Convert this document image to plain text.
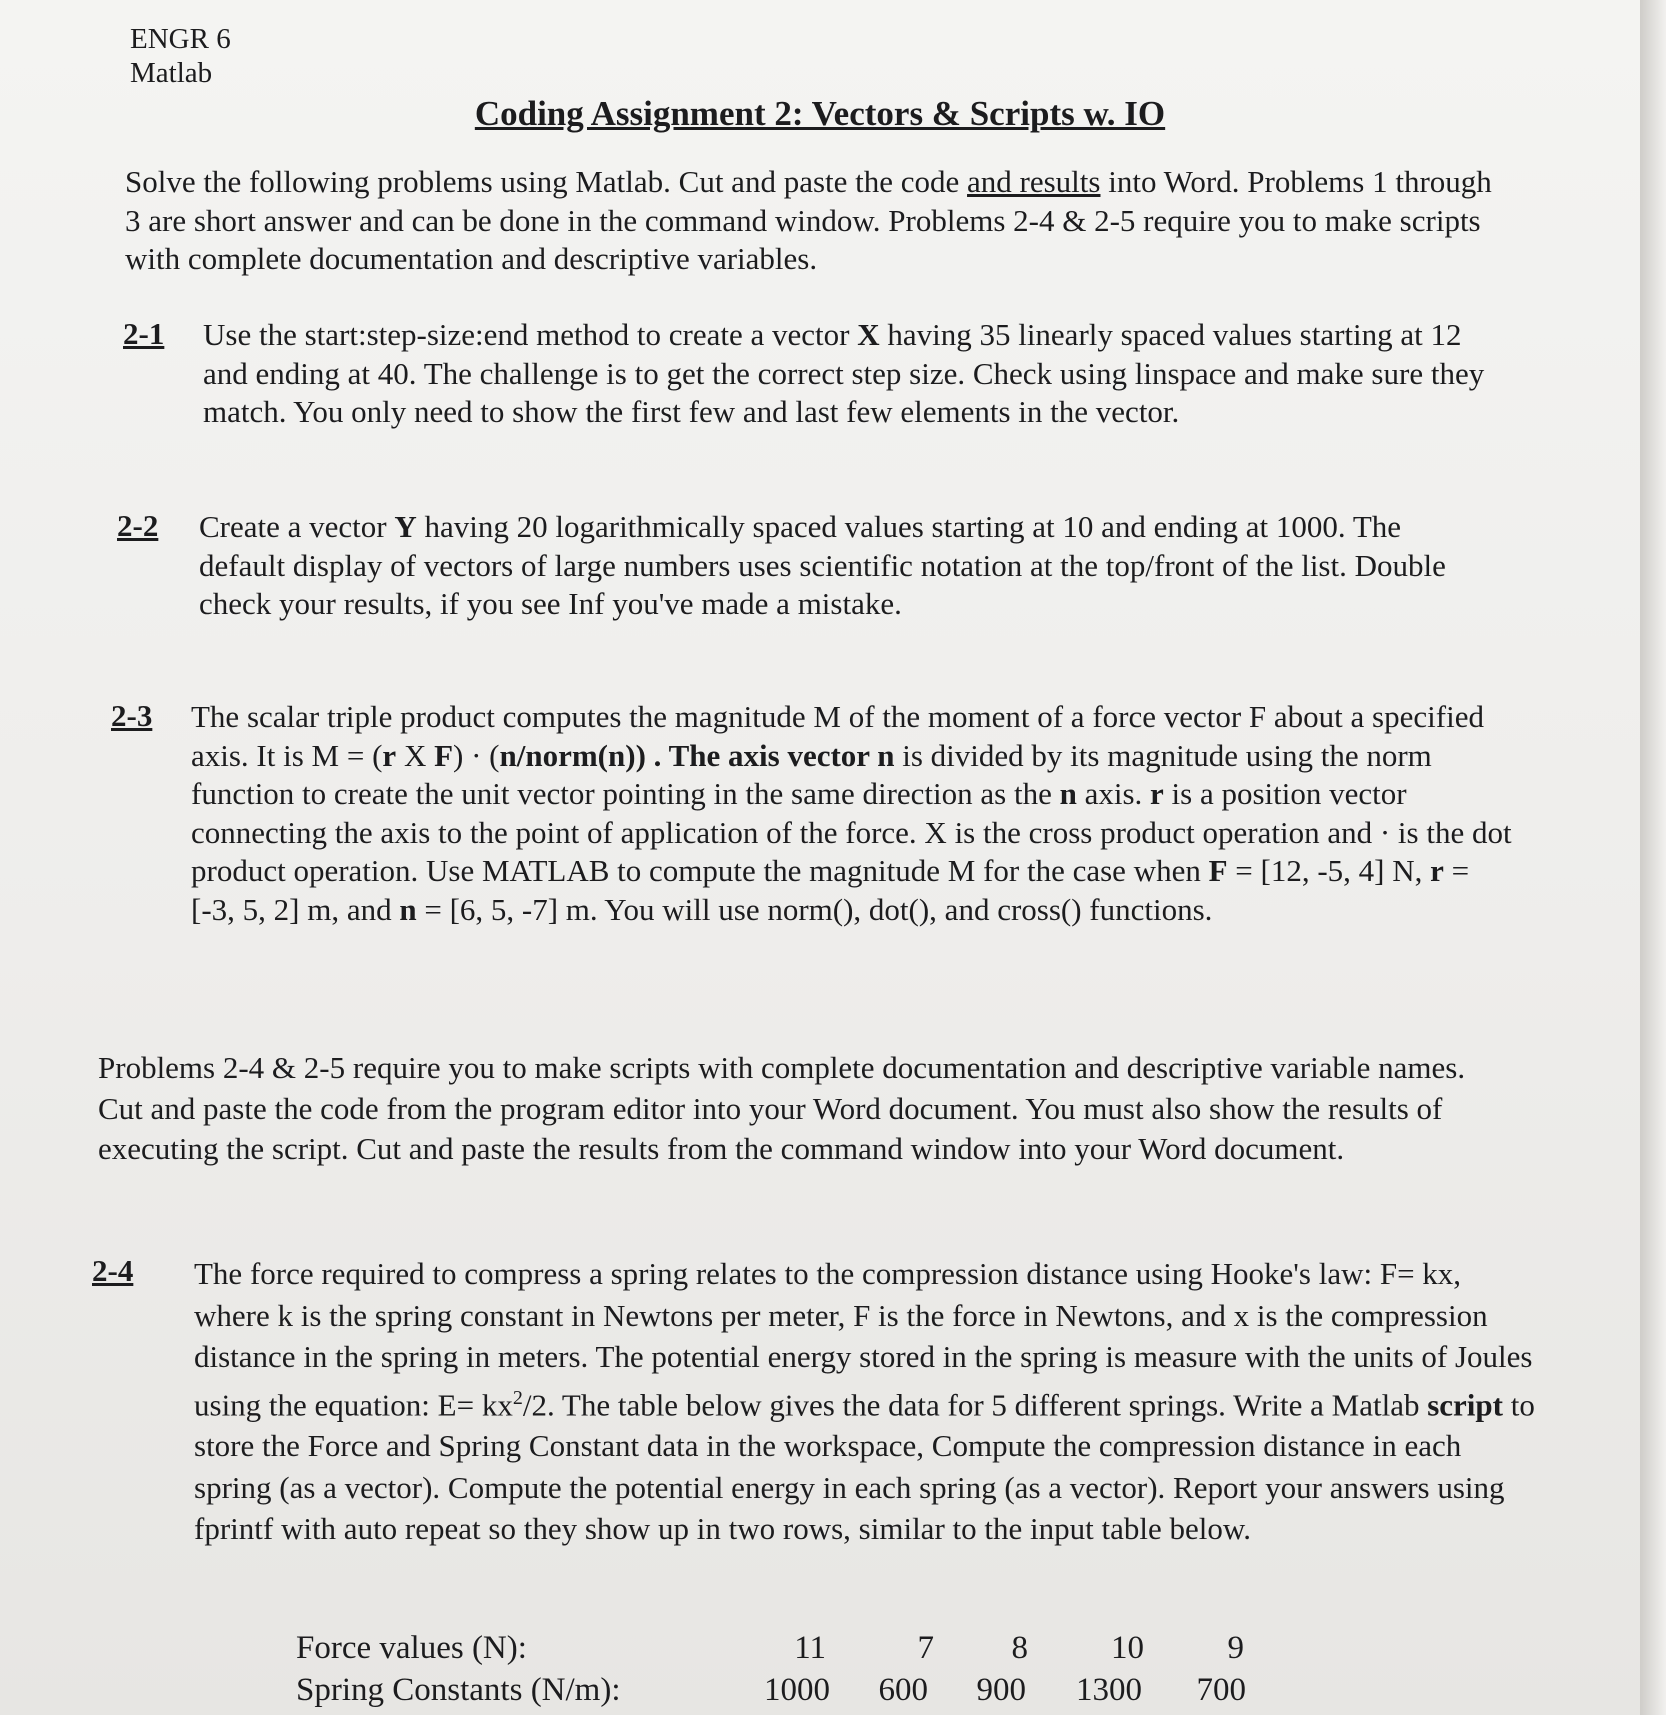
ENGR 6
Matlab
Coding Assignment 2: Vectors & Scripts w. IO
Solve the following problems using Matlab. Cut and paste the code and results into Word. Problems 1 through 3 are short answer and can be done in the command window. Problems 2-4 & 2-5 require you to make scripts with complete documentation and descriptive variables.
2-1 Use the start:step-size:end method to create a vector X having 35 linearly spaced values starting at 12 and ending at 40. The challenge is to get the correct step size. Check using linspace and make sure they match. You only need to show the first few and last few elements in the vector.
2-2 Create a vector Y having 20 logarithmically spaced values starting at 10 and ending at 1000. The default display of vectors of large numbers uses scientific notation at the top/front of the list. Double check your results, if you see Inf you've made a mistake.
2-3 The scalar triple product computes the magnitude M of the moment of a force vector F about a specified axis. It is M = (r X F) · (n/norm(n)) . The axis vector n is divided by its magnitude using the norm function to create the unit vector pointing in the same direction as the n axis. r is a position vector connecting the axis to the point of application of the force. X is the cross product operation and · is the dot product operation. Use MATLAB to compute the magnitude M for the case when F = [12, -5, 4] N, r = [-3, 5, 2] m, and n = [6, 5, -7] m. You will use norm(), dot(), and cross() functions.
Problems 2-4 & 2-5 require you to make scripts with complete documentation and descriptive variable names. Cut and paste the code from the program editor into your Word document. You must also show the results of executing the script. Cut and paste the results from the command window into your Word document.
2-4 The force required to compress a spring relates to the compression distance using Hooke's law: F= kx, where k is the spring constant in Newtons per meter, F is the force in Newtons, and x is the compression distance in the spring in meters. The potential energy stored in the spring is measure with the units of Joules using the equation: $E= kx^2/2$. The table below gives the data for 5 different springs. Write a Matlab script to store the Force and Spring Constant data in the workspace, Compute the compression distance in each spring (as a vector). Compute the potential energy in each spring (as a vector). Report your answers using fprintf with auto repeat so they show up in two rows, similar to the input table below.
Force values (N):	11	7	8	10	9
Spring Constants (N/m):	1000	600	900	1300	700
